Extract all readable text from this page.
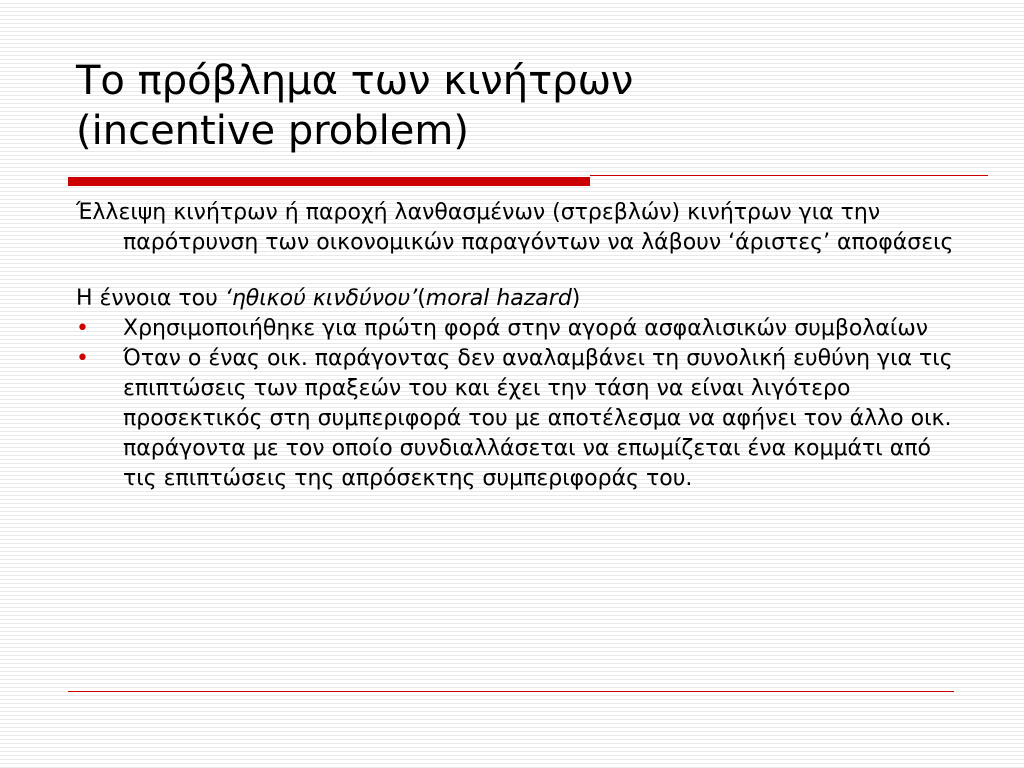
Το πρόβλημα των κινήτρων
(incentive problem)

Έλλειψη κινήτρων ή παροχή λανθασμένων (στρεβλών) κινήτρων για την παρότρυνση των οικονομικών παραγόντων να λάβουν ‘άριστες’ αποφάσεις

Η έννοια του ‘ηθικού κινδύνου’(moral hazard)

• Χρησιμοποιήθηκε για πρώτη φορά στην αγορά ασφαλισικών συμβολαίων

• Όταν ο ένας οικ. παράγοντας δεν αναλαμβάνει τη συνολική ευθύνη για τις επιπτώσεις των πραξεών του και έχει την τάση να είναι λιγότερο προσεκτικός στη συμπεριφορά του με αποτέλεσμα να αφήνει τον άλλο οικ. παράγοντα με τον οποίο συνδιαλλάσεται να επωμίζεται ένα κομμάτι από τις επιπτώσεις της απρόσεκτης συμπεριφοράς του.
